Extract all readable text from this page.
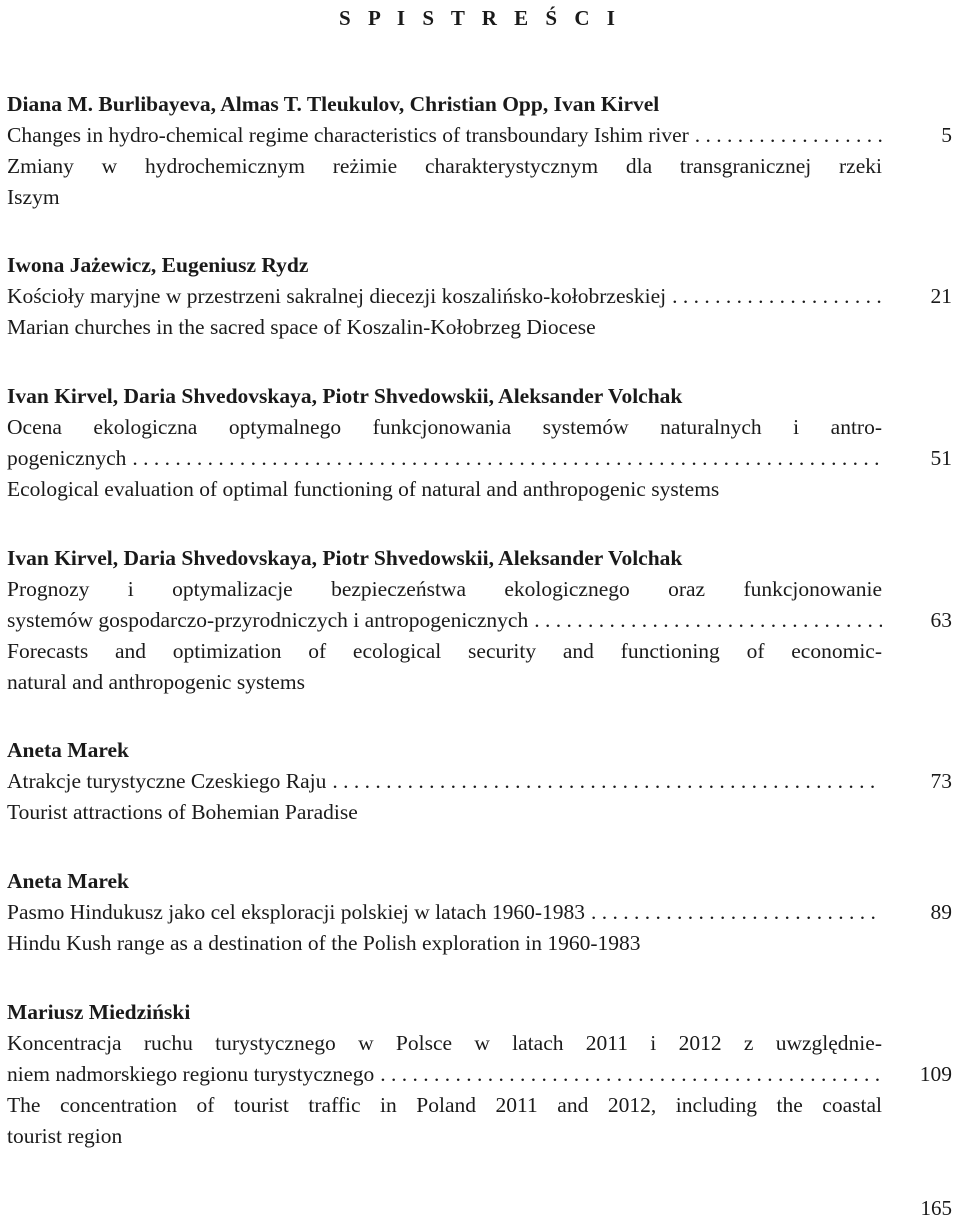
S P I S T R E Ś C I
Diana M. Burlibayeva, Almas T. Tleukulov, Christian Opp, Ivan Kirvel
Changes in hydro-chemical regime characteristics of transboundary Ishim river
. . .
Zmiany w hydrochemicznym reżimie charakterystycznym dla transgranicznej rzeki
Iszym
5
Iwona Jażewicz, Eugeniusz Rydz
Kościoły maryjne w przestrzeni sakralnej diecezji koszalińsko-kołobrzeskiej
. . .
Marian churches in the sacred space of Koszalin-Kołobrzeg Diocese
21
Ivan Kirvel, Daria Shvedovskaya, Piotr Shvedowskii, Aleksander Volchak
Ocena ekologiczna optymalnego funkcjonowania systemów naturalnych i antro-
pogenicznych
. . .
Ecological evaluation of optimal functioning of natural and anthropogenic systems
51
Ivan Kirvel, Daria Shvedovskaya, Piotr Shvedowskii, Aleksander Volchak
Prognozy i optymalizacje bezpieczeństwa ekologicznego oraz funkcjonowanie
systemów gospodarczo-przyrodniczych i antropogenicznych
. . .
Forecasts and optimization of ecological security and functioning of economic-
natural and anthropogenic systems
63
Aneta Marek
Atrakcje turystyczne Czeskiego Raju
. . .
Tourist attractions of Bohemian Paradise
73
Aneta Marek
Pasmo Hindukusz jako cel eksploracji polskiej w latach 1960-1983
. . .
Hindu Kush range as a destination of the Polish exploration in 1960-1983
89
Mariusz Miedziński
Koncentracja ruchu turystycznego w Polsce w latach 2011 i 2012 z uwzględnie-
niem nadmorskiego regionu turystycznego
. . .
The concentration of tourist traffic in Poland 2011 and 2012, including the coastal
tourist region
109
165
